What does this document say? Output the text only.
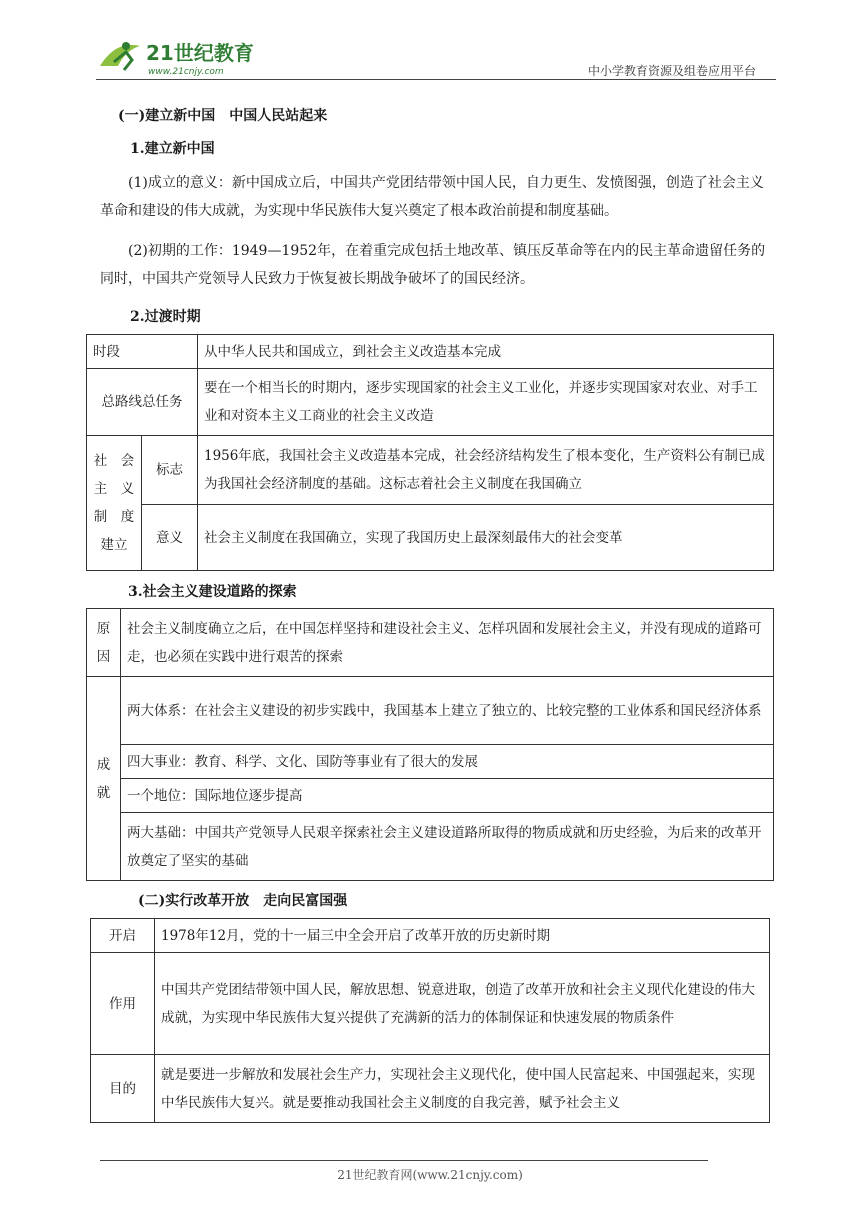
21世纪教育
www.21cnjy.com	中小学教育资源及组卷应用平台
(一)建立新中国　中国人民站起来
1.建立新中国
(1)成立的意义：新中国成立后，中国共产党团结带领中国人民，自力更生、发愤图强，创造了社会主义革命和建设的伟大成就，为实现中华民族伟大复兴奠定了根本政治前提和制度基础。
(2)初期的工作：1949—1952年，在着重完成包括土地改革、镇压反革命等在内的民主革命遗留任务的同时，中国共产党领导人民致力于恢复被长期战争破坏了的国民经济。
2.过渡时期
时段		从中华人民共和国成立，到社会主义改造基本完成
总路线总任务		要在一个相当长的时期内，逐步实现国家的社会主义工业化，并逐步实现国家对农业、对手工业和对资本主义工商业的社会主义改造

社　会
主　义
制　度
建立	标志	1956年底，我国社会主义改造基本完成，社会经济结构发生了根本变化，生产资料公有制已成为我国社会经济制度的基础。这标志着社会主义制度在我国确立
	意义	社会主义制度在我国确立，实现了我国历史上最深刻最伟大的社会变革
3.社会主义建设道路的探索
原
因	社会主义制度确立之后，在中国怎样坚持和建设社会主义、怎样巩固和发展社会主义，并没有现成的道路可走，也必须在实践中进行艰苦的探索

成
就	两大体系：在社会主义建设的初步实践中，我国基本上建立了独立的、比较完整的工业体系和国民经济体系
	四大事业：教育、科学、文化、国防等事业有了很大的发展
	一个地位：国际地位逐步提高
	两大基础：中国共产党领导人民艰辛探索社会主义建设道路所取得的物质成就和历史经验，为后来的改革开放奠定了坚实的基础
(二)实行改革开放　走向民富国强
开启	1978年12月，党的十一届三中全会开启了改革开放的历史新时期
作用	中国共产党团结带领中国人民，解放思想、锐意进取，创造了改革开放和社会主义现代化建设的伟大成就，为实现中华民族伟大复兴提供了充满新的活力的体制保证和快速发展的物质条件
目的	就是要进一步解放和发展社会生产力，实现社会主义现代化，使中国人民富起来、中国强起来，实现中华民族伟大复兴。就是要推动我国社会主义制度的自我完善，赋予社会主义
21世纪教育网(www.21cnjy.com)
